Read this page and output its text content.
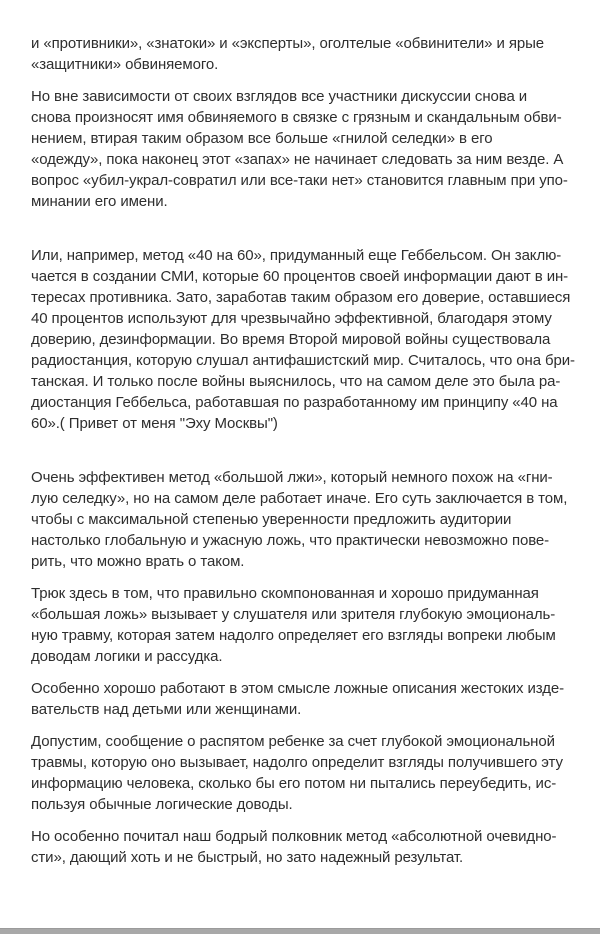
и «противники», «знатоки» и «эксперты», оголтелые «обвинители» и ярые
«защитники» обвиняемого.
Но вне зависимости от своих взглядов все участники дискуссии снова и
снова произносят имя обвиняемого в связке с грязным и скандальным обви-
нением, втирая таким образом все больше «гнилой селедки» в его
«одежду», пока наконец этот «запах» не начинает следовать за ним везде. А
вопрос «убил-украл-совратил или все-таки нет» становится главным при упо-
минании его имени.
Или, например, метод «40 на 60», придуманный еще Геббельсом. Он заклю-
чается в создании СМИ, которые 60 процентов своей информации дают в ин-
тересах противника. Зато, заработав таким образом его доверие, оставшиеся
40 процентов используют для чрезвычайно эффективной, благодаря этому
доверию, дезинформации. Во время Второй мировой войны существовала
радиостанция, которую слушал антифашистский мир. Считалось, что она бри-
танская. И только после войны выяснилось, что на самом деле это была ра-
диостанция Геббельса, работавшая по разработанному им принципу «40 на
60».( Привет от меня "Эху Москвы")
Очень эффективен метод «большой лжи», который немного похож на «гни-
лую селедку», но на самом деле работает иначе. Его суть заключается в том,
чтобы с максимальной степенью уверенности предложить аудитории
настолько глобальную и ужасную ложь, что практически невозможно пове-
рить, что можно врать о таком.
Трюк здесь в том, что правильно скомпонованная и хорошо придуманная
«большая ложь» вызывает у слушателя или зрителя глубокую эмоциональ-
ную травму, которая затем надолго определяет его взгляды вопреки любым
доводам логики и рассудка.
Особенно хорошо работают в этом смысле ложные описания жестоких изде-
вательств над детьми или женщинами.
Допустим, сообщение о распятом ребенке за счет глубокой эмоциональной
травмы, которую оно вызывает, надолго определит взгляды получившего эту
информацию человека, сколько бы его потом ни пытались переубедить, ис-
пользуя обычные логические доводы.
Но особенно почитал наш бодрый полковник метод «абсолютной очевидно-
сти», дающий хоть и не быстрый, но зато надежный результат.
